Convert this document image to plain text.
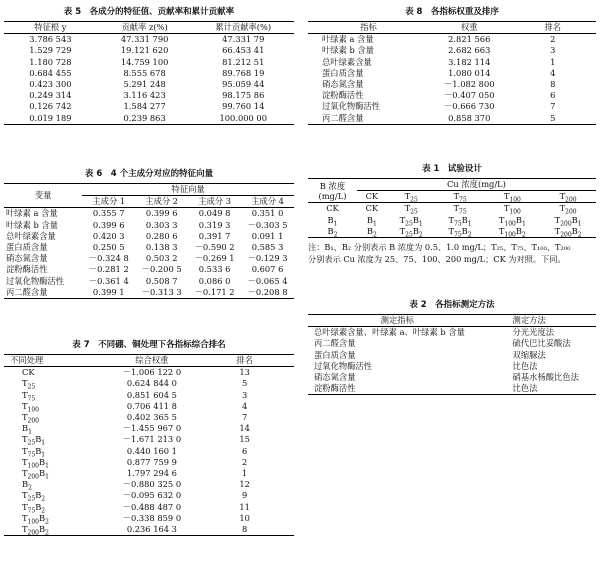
表 5　各成分的特征值、贡献率和累计贡献率
特征根 y	贡献率 z(%)	累计贡献率(%)
3.786 543	47.331 790	47.331 79
1.529 729	19.121 620	66.453 41
1.180 728	14.759 100	81.212 51
0.684 455	8.555 678	89.768 19
0.423 300	5.291 248	95.059 44
0.249 314	3.116 423	98.175 86
0.126 742	1.584 277	99.760 14
0.019 189	0.239 863	100.000 00
表 6　4 个主成分对应的特征向量
变量	特征向量			
	主成分 1	主成分 2	主成分 3	主成分 4
叶绿素 a 含量	0.355 7	0.399 6	0.049 8	0.351 0
叶绿素 b 含量	0.399 6	0.303 3	0.319 3	－0.303 5
总叶绿素含量	0.420 3	0.280 6	0.391 7	0.091 1
蛋白质含量	0.250 5	0.138 3	－0.590 2	0.585 3
硝态氮含量	－0.324 8	0.503 2	－0.269 1	－0.129 3
淀粉酶活性	－0.281 2	－0.200 5	0.533 6	0.607 6
过氧化物酶活性	－0.361 4	0.508 7	0.086 0	－0.065 4
丙二醛含量	0.399 1	－0.313 3	－0.171 2	－0.208 8
表 7　不同硼、铜处理下各指标综合排名
不同处理	综合权重	排名
CK	－1.006 122 0	13
$T_{25}$	0.624 844 0	5
$T_{75}$	0.851 604 5	3
$T_{100}$	0.706 411 8	4
$T_{200}$	0.402 365 5	7
$B_1$	－1.455 967 0	14
$T_{25}B_1$	－1.671 213 0	15
$T_{75}B_1$	0.440 160 1	6
$T_{100}B_1$	0.877 759 9	2
$T_{200}B_1$	1.797 294 6	1
$B_2$	－0.880 325 0	12
$T_{25}B_2$	－0.095 632 0	9
$T_{75}B_2$	－0.488 487 0	11
$T_{100}B_2$	－0.338 859 0	10
$T_{200}B_2$	0.236 164 3	8
表 8　各指标权重及排序
指标	权重	排名
叶绿素 a 含量	2.821 566	2
叶绿素 b 含量	2.682 663	3
总叶绿素含量	3.182 114	1
蛋白质含量	1.080 014	4
硝态氮含量	－1.082 800	8
淀粉酶活性	－0.407 050	6
过氧化物酶活性	－0.666 730	7
丙二醛含量	0.858 370	5
表 1　试验设计
B 浓度 (mg/L)	Cu 浓度(mg/L)				
	CK	$T_{25}$	$T_{75}$	$T_{100}$	$T_{200}$
CK	CK	$T_{25}$	$T_{75}$	$T_{100}$	$T_{200}$
$B_1$	$B_1$	$T_{25}B_1$	$T_{75}B_1$	$T_{100}B_1$	$T_{200}B_1$
$B_2$	$B_2$	$T_{25}B_2$	$T_{75}B_2$	$T_{100}B_2$	$T_{200}B_2$
注：B₁、B₂ 分别表示 B 浓度为 0.5、1.0 mg/L；T₂₅、T₇₅、T₁₀₀、T₂₀₀
分别表示 Cu 浓度为 25、75、100、200 mg/L；CK 为对照。下同。
表 2　各指标测定方法
测定指标	测定方法
总叶绿素含量、叶绿素 a、叶绿素 b 含量	分光光度法
丙二醛含量	硫代巴比妥酸法
蛋白质含量	双缩脲法
过氧化物酶活性	比色法
硝态氮含量	硝基水杨酸比色法
淀粉酶活性	比色法
